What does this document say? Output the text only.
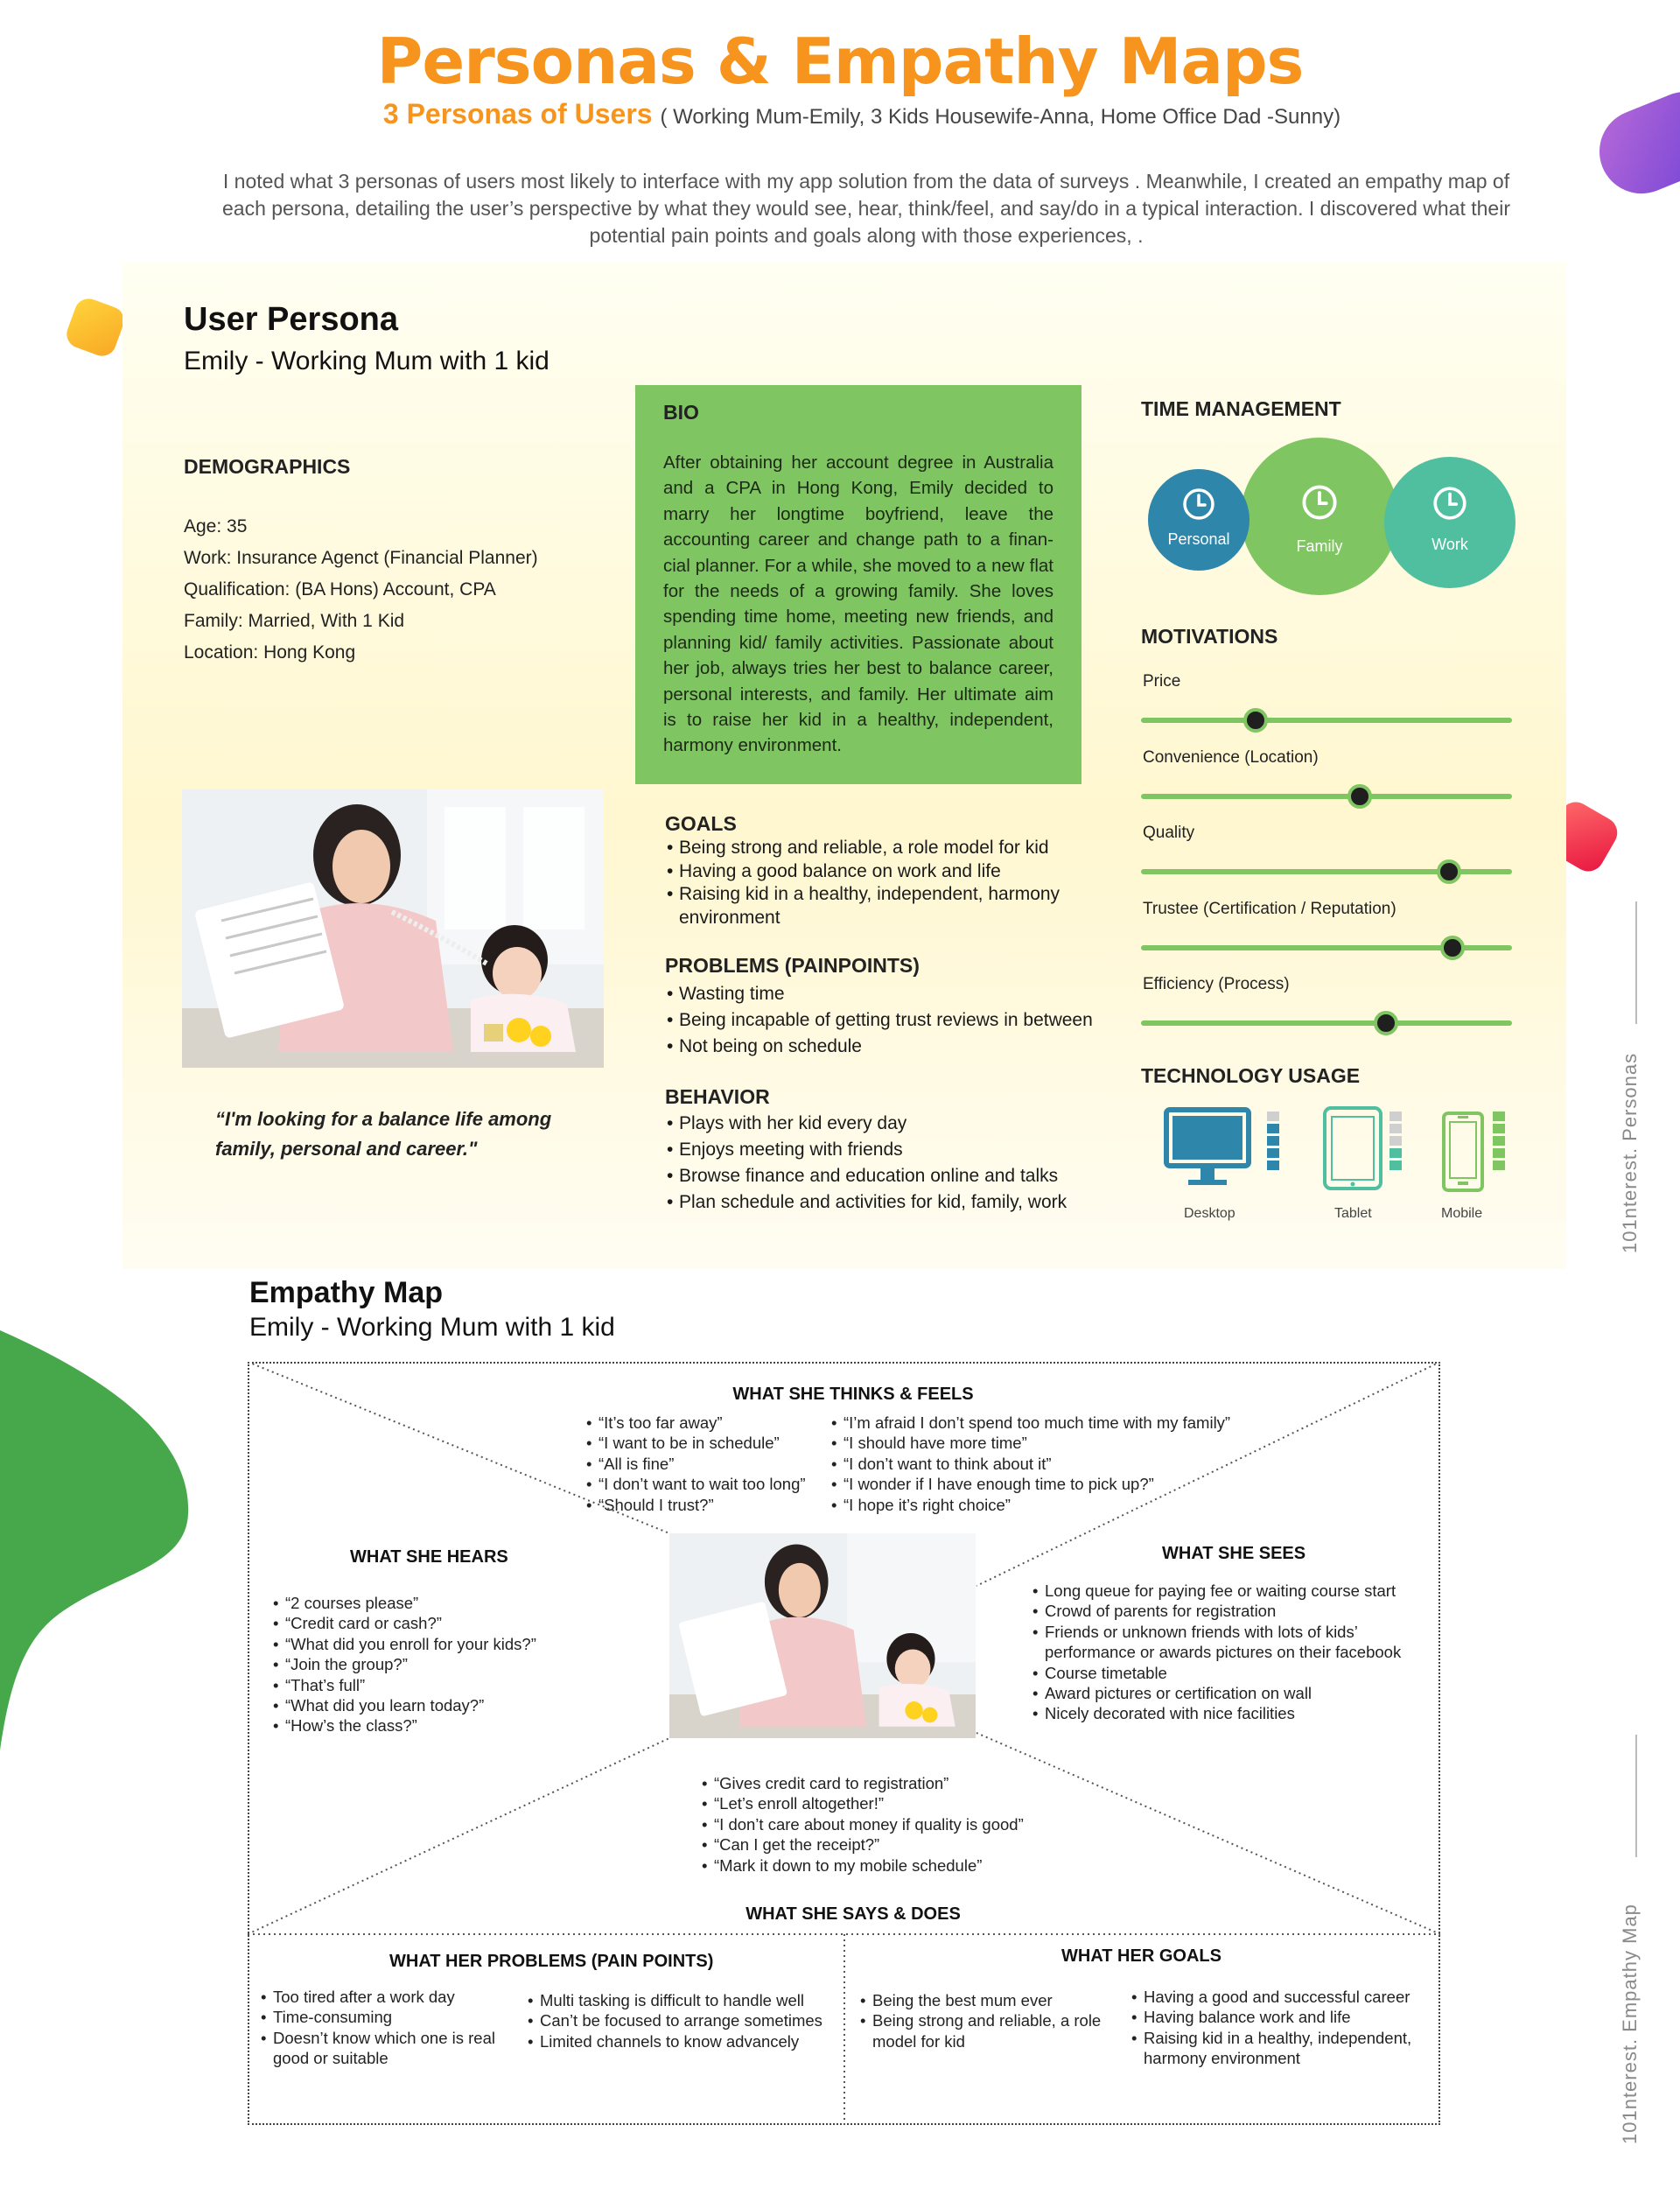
Personas & Empathy Maps
3 Personas of Users ( Working Mum-Emily, 3 Kids Housewife-Anna, Home Office Dad -Sunny)
I noted what 3 personas of users most likely to interface with my app solution from the data of surveys . Meanwhile, I created an empathy map of each persona, detailing the user’s perspective by what they would see, hear, think/feel, and say/do in a typical interaction. I discovered what their potential pain points and goals along with those experiences, .
User Persona
Emily - Working Mum with 1 kid
DEMOGRAPHICS
Age: 35
Work: Insurance Agenct (Financial Planner)
Qualification: (BA Hons) Account, CPA
Family: Married, With 1 Kid
Location: Hong Kong
BIO

After obtaining her account degree in Australia and a CPA in Hong Kong, Emily decided to marry her longtime boyfriend, leave the accounting career and change path to a finan-cial planner. For a while, she moved to a new flat for the needs of a growing family. She loves spending time home, meeting new friends, and planning kid/ family activities. Passionate about her job, always tries her best to balance career, personal interests, and family. Her ultimate aim is to raise her kid in a healthy, independent, harmony environment.

“I'm looking for a balance life among family, personal and career."
GOALS
• Being strong and reliable, a role model for kid
• Having a good balance on work and life
• Raising kid in a healthy, independent, harmony environment
PROBLEMS (PAINPOINTS)
• Wasting time
• Being incapable of getting trust reviews in between
• Not being on schedule
BEHAVIOR
• Plays with her kid every day
• Enjoys meeting with friends
• Browse finance and education online and talks
• Plan schedule and activities for kid, family, work
TIME MANAGEMENT
Personal	Family	Work
MOTIVATIONS
Price
Convenience (Location)
Quality
Trustee (Certification / Reputation)
Efficiency (Process)
TECHNOLOGY USAGE
Desktop	Tablet	Mobile	101nterest. Personas
101nterest. Empathy Map
Empathy Map
Emily - Working Mum with 1 kid
WHAT SHE THINKS & FEELS
• “It’s too far away”
• “I want to be in schedule”
• “All is fine”
• “I don’t want to wait too long”
• “Should I trust?”
• “I’m afraid I don’t spend too much time with my family”
• “I should have more time”
• “I don’t want to think about it”
• “I wonder if I have enough time to pick up?”
• “I hope it’s right choice”
WHAT SHE HEARS
• “2 courses please”
• “Credit card or cash?”
• “What did you enroll for your kids?”
• “Join the group?”
• “That’s full”
• “What did you learn today?”
• “How’s the class?”
WHAT SHE SEES
• Long queue for paying fee or waiting course start
• Crowd of parents for registration
• Friends or unknown friends with lots of kids’ performance or awards pictures on their facebook
• Course timetable
• Award pictures or certification on wall
• Nicely decorated with nice facilities
• “Gives credit card to registration”
• “Let’s enroll altogether!”
• “I don’t care about money if quality is good”
• “Can I get the receipt?”
• “Mark it down to my mobile schedule”
WHAT SHE SAYS & DOES
WHAT HER PROBLEMS (PAIN POINTS)
• Too tired after a work day
• Time-consuming
• Doesn’t know which one is real good or suitable
• Multi tasking is difficult to handle well
• Can’t be focused to arrange sometimes
• Limited channels to know advancely
WHAT HER GOALS
• Being the best mum ever
• Being strong and reliable, a role model for kid
• Having a good and successful career
• Having balance work and life
• Raising kid in a healthy, independent, harmony environment
